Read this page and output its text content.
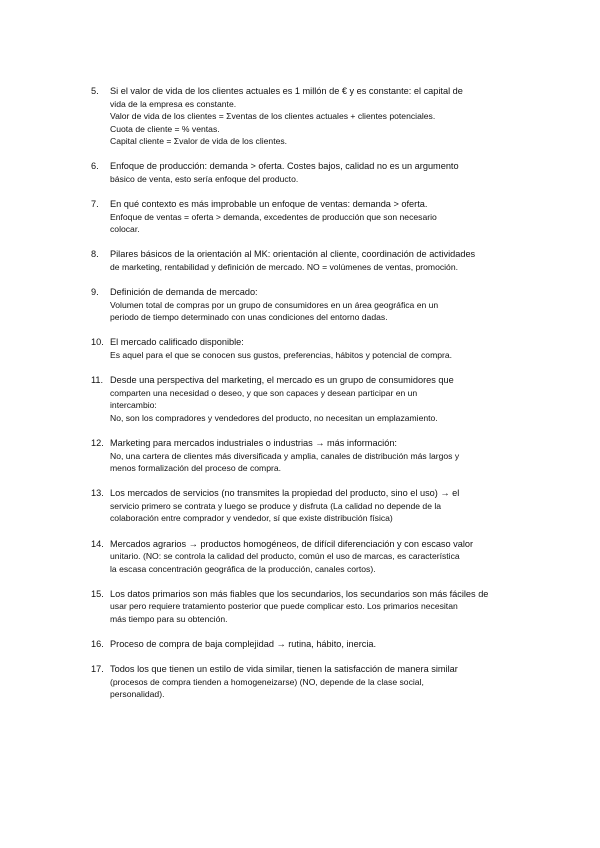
5.	Si el valor de vida de los clientes actuales es 1 millón de € y es constante: el capital de
vida de la empresa es constante.
Valor de vida de los clientes = Σventas de los clientes actuales + clientes potenciales.
Cuota de cliente = % ventas.
Capital cliente = Σvalor de vida de los clientes.
6.	Enfoque de producción: demanda > oferta. Costes bajos, calidad no es un argumento
básico de venta, esto sería enfoque del producto.
7.	En qué contexto es más improbable un enfoque de ventas: demanda > oferta.
Enfoque de ventas = oferta > demanda, excedentes de producción que son necesario
colocar.
8.	Pilares básicos de la orientación al MK: orientación al cliente, coordinación de actividades
de marketing, rentabilidad y definición de mercado. NO = volúmenes de ventas, promoción.
9.	Definición de demanda de mercado:
Volumen total de compras por un grupo de consumidores en un área geográfica en un
periodo de tiempo determinado con unas condiciones del entorno dadas.
10. El mercado calificado disponible:
Es aquel para el que se conocen sus gustos, preferencias, hábitos y potencial de compra.
11. Desde una perspectiva del marketing, el mercado es un grupo de consumidores que
comparten una necesidad o deseo, y que son capaces y desean participar en un
intercambio:
No, son los compradores y vendedores del producto, no necesitan un emplazamiento.
12. Marketing para mercados industriales o industrias → más información:
No, una cartera de clientes más diversificada y amplia, canales de distribución más largos y
menos formalización del proceso de compra.
13. Los mercados de servicios (no transmites la propiedad del producto, sino el uso) → el
servicio primero se contrata y luego se produce y disfruta (La calidad no depende de la
colaboración entre comprador y vendedor, sí que existe distribución física)
14. Mercados agrarios → productos homogéneos, de difícil diferenciación y con escaso valor
unitario. (NO: se controla la calidad del producto, común el uso de marcas, es característica
la escasa concentración geográfica de la producción, canales cortos).
15. Los datos primarios son más fiables que los secundarios, los secundarios son más fáciles de
usar pero requiere tratamiento posterior que puede complicar esto. Los primarios necesitan
más tiempo para su obtención.
16. Proceso de compra de baja complejidad → rutina, hábito, inercia.
17. Todos los que tienen un estilo de vida similar, tienen la satisfacción de manera similar
(procesos de compra tienden a homogeneizarse) (NO, depende de la clase social,
personalidad).
